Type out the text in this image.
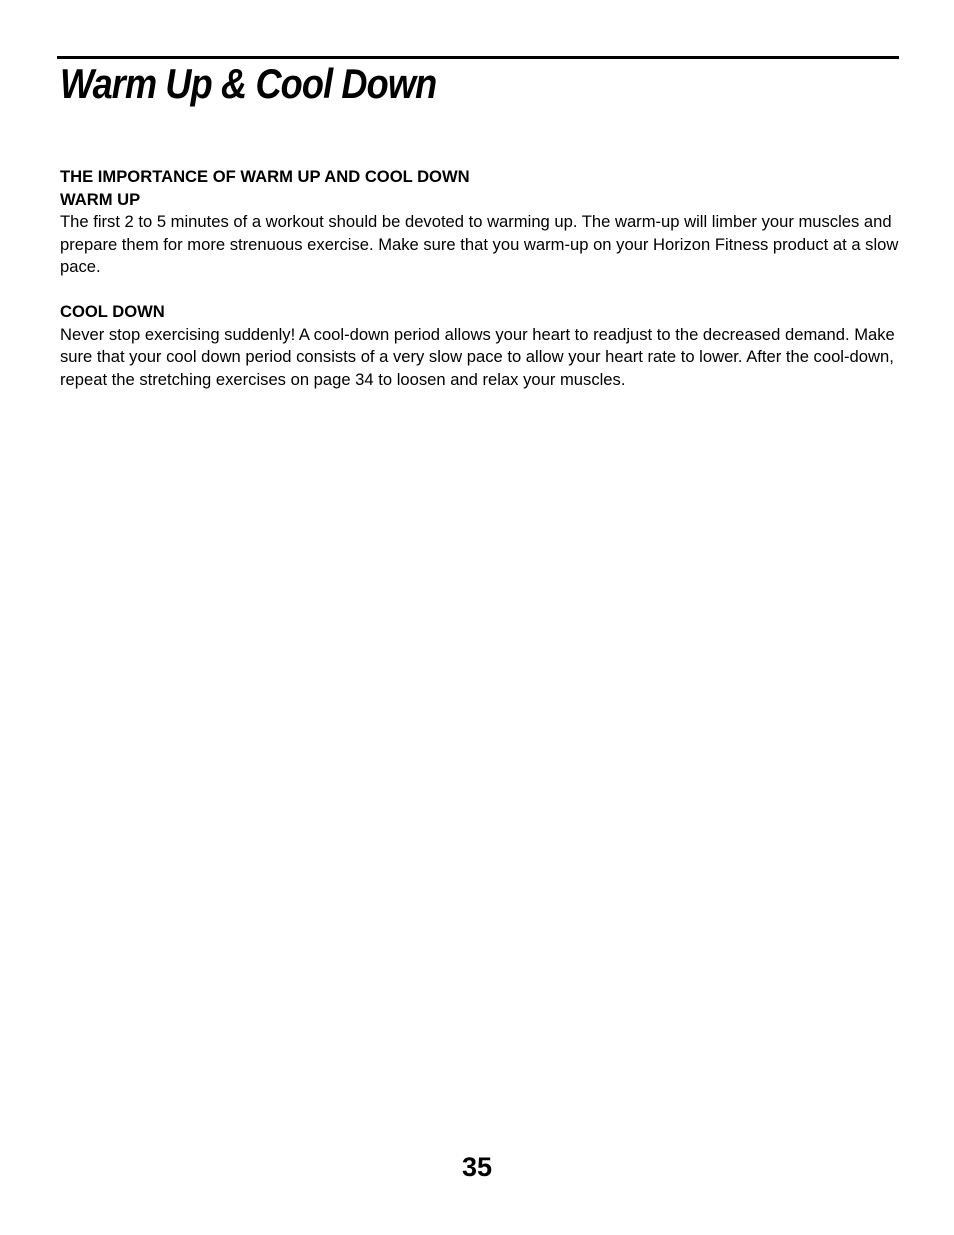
Warm Up & Cool Down

THE IMPORTANCE OF WARM UP AND COOL DOWN

WARM UP

The first 2 to 5 minutes of a workout should be devoted to warming up. The warm-up will limber your muscles and prepare them for more strenuous exercise. Make sure that you warm-up on your Horizon Fitness product at a slow pace.

COOL DOWN

Never stop exercising suddenly! A cool-down period allows your heart to readjust to the decreased demand. Make sure that your cool down period consists of a very slow pace to allow your heart rate to lower. After the cool-down, repeat the stretching exercises on page 34 to loosen and relax your muscles.

35
